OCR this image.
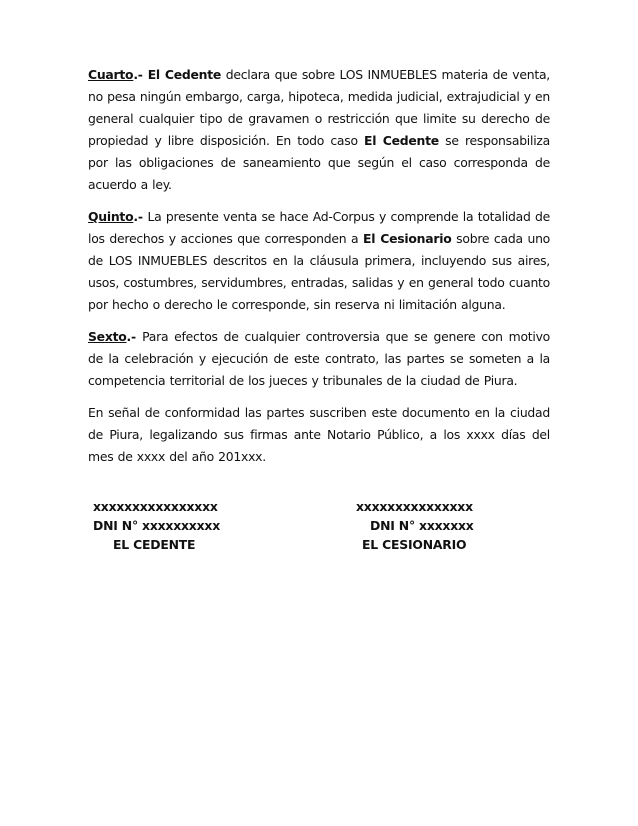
Cuarto.- El Cedente declara que sobre LOS INMUEBLES materia de venta, no pesa ningún embargo, carga, hipoteca, medida judicial, extrajudicial y en general cualquier tipo de gravamen o restricción que limite su derecho de propiedad y libre disposición. En todo caso El Cedente se responsabiliza por las obligaciones de saneamiento que según el caso corresponda de acuerdo a ley.

Quinto.- La presente venta se hace Ad-Corpus y comprende la totalidad de los derechos y acciones que corresponden a El Cesionario sobre cada uno de LOS INMUEBLES descritos en la cláusula primera, incluyendo sus aires, usos, costumbres, servidumbres, entradas, salidas y en general todo cuanto por hecho o derecho le corresponde, sin reserva ni limitación alguna.

Sexto.- Para efectos de cualquier controversia que se genere con motivo de la celebración y ejecución de este contrato, las partes se someten a la competencia territorial de los jueces y tribunales de la ciudad de Piura.

En señal de conformidad las partes suscriben este documento en la ciudad de Piura, legalizando sus firmas ante Notario Público, a los xxxx días del mes de xxxx del año 201xxx.

xxxxxxxxxxxxxxxx
DNI N° xxxxxxxxxx
EL CEDENTE
xxxxxxxxxxxxxxx
DNI N° xxxxxxx
EL CESIONARIO
